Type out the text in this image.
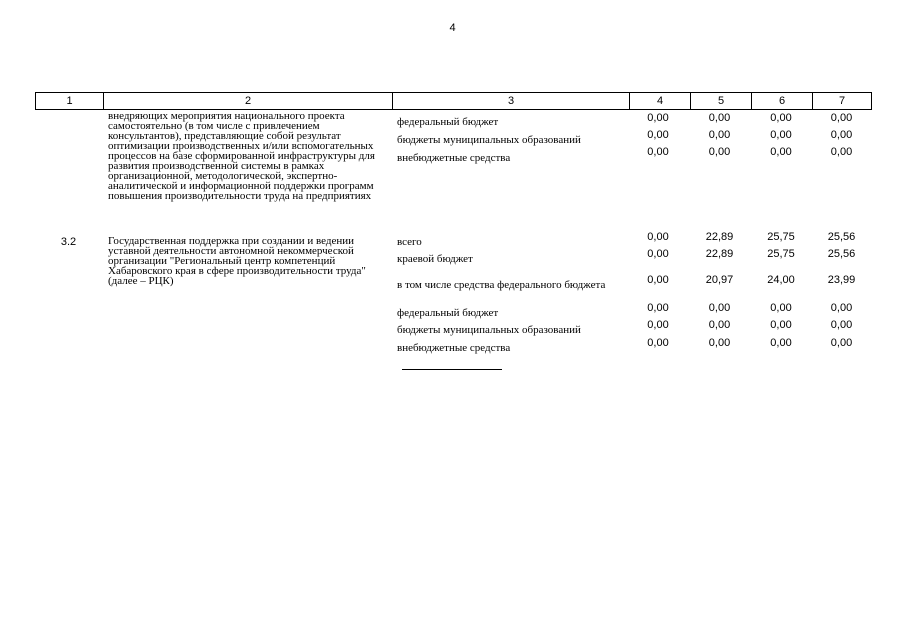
4
1	2	3	4	5	6	7
внедряющих мероприятия национального проекта самостоятельно (в том числе с привлечением консультантов), представляющие собой результат оптимизации производственных и/или вспомогательных процессов на базе сформированной инфраструктуры для развития производственной системы в рамках организационной, методологической, экспертно-аналитической и информационной поддержки программ повышения производительности труда на предприятиях
федеральный бюджет	0,00	0,00	0,00	0,00
бюджеты муниципальных образований	0,00	0,00	0,00	0,00
внебюджетные средства	0,00	0,00	0,00	0,00
3.2	Государственная поддержка при создании и ведении уставной деятельности автономной некоммерческой организации "Региональный центр компетенций Хабаровского края в сфере производительности труда" (далее – РЦК)
всего	0,00	22,89	25,75	25,56
краевой бюджет	0,00	22,89	25,75	25,56
в том числе средства федерального бюджета	0,00	20,97	24,00	23,99
федеральный бюджет	0,00	0,00	0,00	0,00
бюджеты муниципальных образований	0,00	0,00	0,00	0,00
внебюджетные средства	0,00	0,00	0,00	0,00
